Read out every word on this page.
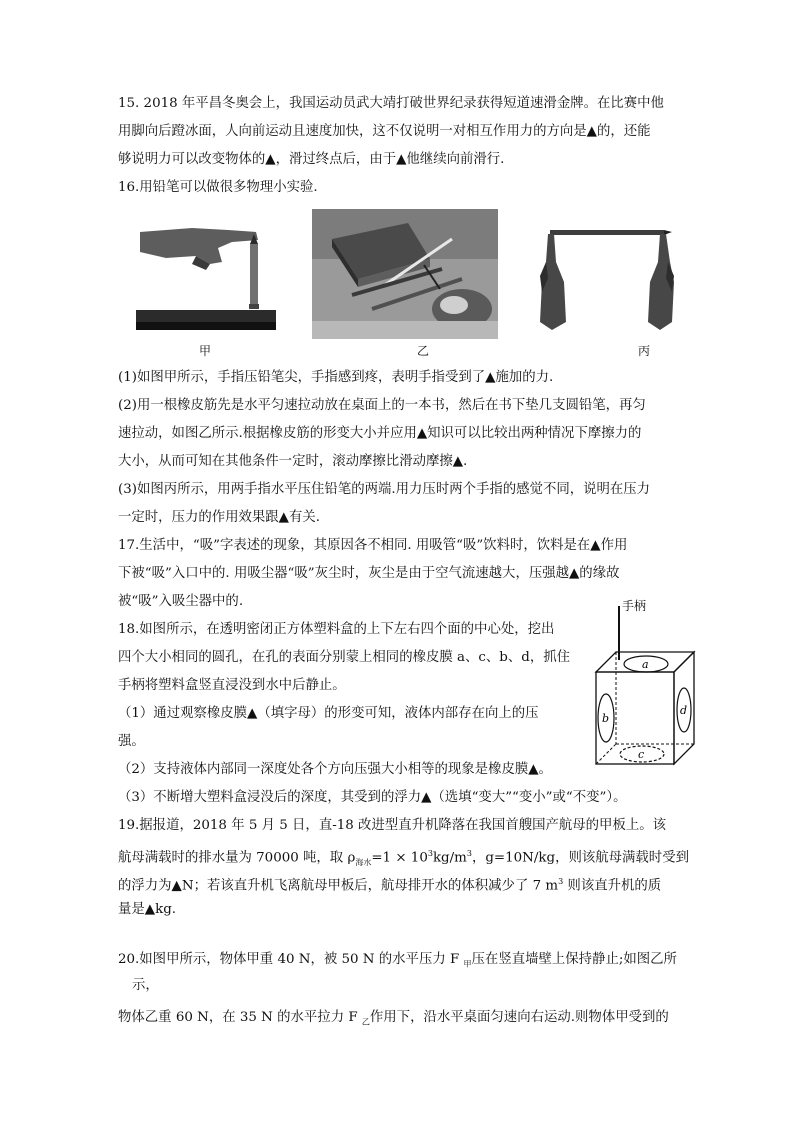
15. 2018 年平昌冬奥会上，我国运动员武大靖打破世界纪录获得短道速滑金牌。在比赛中他
用脚向后蹬冰面，人向前运动且速度加快，这不仅说明一对相互作用力的方向是▲的，还能
够说明力可以改变物体的▲，滑过终点后，由于▲他继续向前滑行.
16.用铅笔可以做很多物理小实验.
甲	乙	丙
(1)如图甲所示，手指压铅笔尖，手指感到疼，表明手指受到了▲施加的力.
(2)用一根橡皮筋先是水平匀速拉动放在桌面上的一本书，然后在书下垫几支圆铅笔，再匀
速拉动，如图乙所示.根据橡皮筋的形变大小并应用▲知识可以比较出两种情况下摩擦力的
大小，从而可知在其他条件一定时，滚动摩擦比滑动摩擦▲.
(3)如图丙所示，用两手指水平压住铅笔的两端.用力压时两个手指的感觉不同，说明在压力
一定时，压力的作用效果跟▲有关.
17.生活中，“吸”字表述的现象，其原因各不相同. 用吸管“吸”饮料时，饮料是在▲作用
下被“吸”入口中的. 用吸尘器“吸”灰尘时，灰尘是由于空气流速越大，压强越▲的缘故
被“吸”入吸尘器中的.
18.如图所示，在透明密闭正方体塑料盒的上下左右四个面的中心处，挖出
四个大小相同的圆孔，在孔的表面分别蒙上相同的橡皮膜 a、c、b、d，抓住
手柄将塑料盒竖直浸没到水中后静止。
（1）通过观察橡皮膜▲（填字母）的形变可知，液体内部存在向上的压
强。
（2）支持液体内部同一深度处各个方向压强大小相等的现象是橡皮膜▲。
（3）不断增大塑料盒浸没后的深度，其受到的浮力▲（选填“变大”“变小”或“不变”）。
手柄
a
b
d
c
19.据报道，2018 年 5 月 5 日，直-18 改进型直升机降落在我国首艘国产航母的甲板上。该
航母满载时的排水量为 70000 吨，取 $\rho_{海水}=1 \times 10^3kg/m^3$，g=10N/kg，则该航母满载时受到
的浮力为▲N；若该直升机飞离航母甲板后，航母排开水的体积减少了 7 $m^3$ 则该直升机的质
量是▲kg.
20.如图甲所示，物体甲重 40 N，被 50 N 的水平压力 F $_甲$压在竖直墙壁上保持静止;如图乙所
示，
物体乙重 60 N，在 35 N 的水平拉力 F $_乙$作用下，沿水平桌面匀速向右运动.则物体甲受到的
